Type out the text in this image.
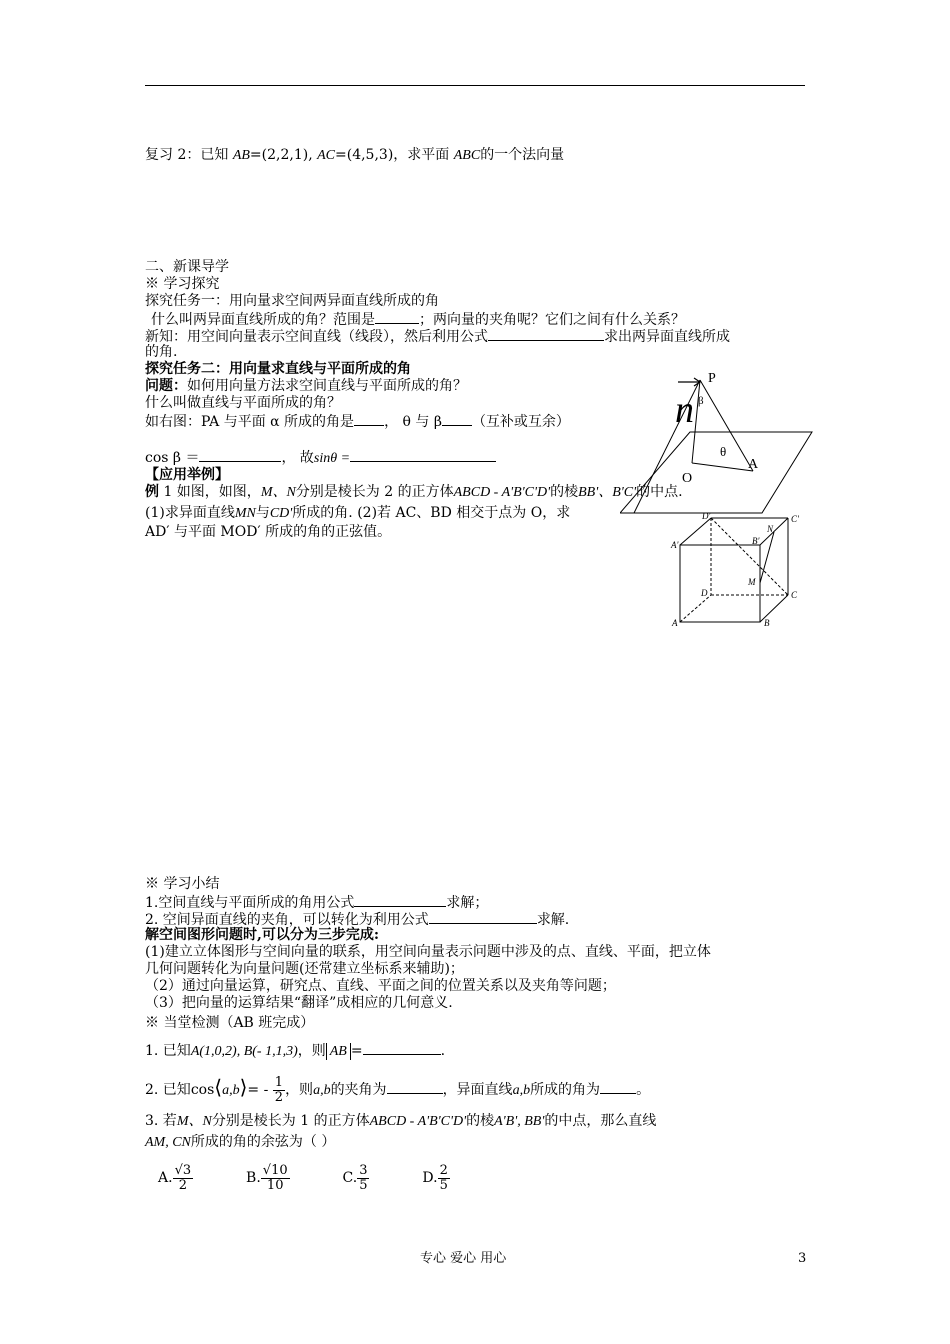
复习 2：已知 AB=(2,2,1), AC=(4,5,3)，求平面 ABC的一个法向量
二、新课导学
※ 学习探究
探究任务一：用向量求空间两异面直线所成的角
什么叫两异面直线所成的角？范围是	；两向量的夹角呢？它们之间有什么关系？
新知：用空间向量表示空间直线（线段），然后利用公式	求出两异面直线所成
的角.
探究任务二：用向量求直线与平面所成的角
问题：如何用向量方法求空间直线与平面所成的角？
什么叫做直线与平面所成的角？
如右图：PA 与平面 α 所成的角是 ， θ 与 β （互补或互余）
cos β ＝	， 故sinθ =
【应用举例】
例 1 如图，如图，M、N分别是棱长为 2 的正方体ABCD - A'B'C'D'的棱BB'、B'C'的中点.
(1)求异面直线MN与CD'所成的角. (2)若 AC、BD 相交于点为 O，求
AD′ 与平面 MOD′ 所成的角的正弦值。
n
P
β
θ
A
O
D'	C'
N
A'	B'
M
D	C
A	B
※ 学习小结
1.空间直线与平面所成的角用公式	求解；
2. 空间异面直线的夹角，可以转化为利用公式	求解.
解空间图形问题时,可以分为三步完成:
(1)建立立体图形与空间向量的联系，用空间向量表示问题中涉及的点、直线、平面，把立体
几何问题转化为向量问题(还常建立坐标系来辅助)；
（2）通过向量运算，研究点、直线、平面之间的位置关系以及夹角等问题；
（3）把向量的运算结果“翻译”成相应的几何意义.
※ 当堂检测（AB 班完成）
1. 已知A(1,0,2), B(- 1,1,3)，则 AB =	.
2. 已知cos⟨a,b⟩= - $\frac{1}{2}$ ，则a,b的夹角为	，异面直线a,b所成的角为	。
3. 若M、N分别是棱长为 1 的正方体ABCD - A'B'C'D'的棱A'B', BB'的中点，那么直线
AM, CN所成的角的余弦为（ ）
A. $\frac{√3}{2}$	B. $\frac{√10}{10}$	C. $\frac{3}{5}$	D. $\frac{2}{5}$
专心 爱心 用心	3
